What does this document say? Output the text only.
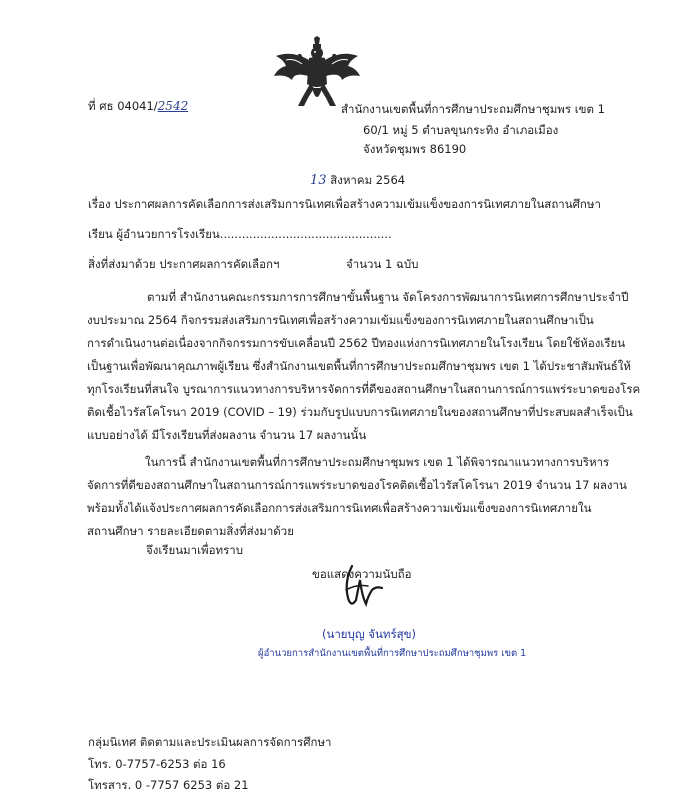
ที่ ศธ 04041/2542	สำนักงานเขตพื้นที่การศึกษาประถมศึกษาชุมพร เขต 1
60/1 หมู่ 5 ตำบลขุนกระทิง อำเภอเมือง
จังหวัดชุมพร 86190
13 สิงหาคม 2564
เรื่อง ประกาศผลการคัดเลือกการส่งเสริมการนิเทศเพื่อสร้างความเข้มแข็งของการนิเทศภายในสถานศึกษา
เรียน ผู้อำนวยการโรงเรียน...............................................
สิ่งที่ส่งมาด้วย ประกาศผลการคัดเลือกฯ	จำนวน 1 ฉบับ
ตามที่ สำนักงานคณะกรรมการการศึกษาขั้นพื้นฐาน จัดโครงการพัฒนาการนิเทศการศึกษาประจำปี
งบประมาณ 2564 กิจกรรมส่งเสริมการนิเทศเพื่อสร้างความเข้มแข็งของการนิเทศภายในสถานศึกษาเป็น
การดำเนินงานต่อเนื่องจากกิจกรรมการขับเคลื่อนปี 2562 ปีทองแห่งการนิเทศภายในโรงเรียน โดยใช้ห้องเรียน
เป็นฐานเพื่อพัฒนาคุณภาพผู้เรียน ซึ่งสำนักงานเขตพื้นที่การศึกษาประถมศึกษาชุมพร เขต 1 ได้ประชาสัมพันธ์ให้
ทุกโรงเรียนที่สนใจ บูรณาการแนวทางการบริหารจัดการที่ดีของสถานศึกษาในสถานการณ์การแพร่ระบาดของโรค
ติดเชื้อไวรัสโคโรนา 2019 (COVID – 19) ร่วมกับรูปแบบการนิเทศภายในของสถานศึกษาที่ประสบผลสำเร็จเป็น
แบบอย่างได้ มีโรงเรียนที่ส่งผลงาน จำนวน 17 ผลงานนั้น
ในการนี้ สำนักงานเขตพื้นที่การศึกษาประถมศึกษาชุมพร เขต 1 ได้พิจารณาแนวทางการบริหาร
จัดการที่ดีของสถานศึกษาในสถานการณ์การแพร่ระบาดของโรคติดเชื้อไวรัสโคโรนา 2019 จำนวน 17 ผลงาน
พร้อมทั้งได้แจ้งประกาศผลการคัดเลือกการส่งเสริมการนิเทศเพื่อสร้างความเข้มแข็งของการนิเทศภายใน
สถานศึกษา รายละเอียดตามสิ่งที่ส่งมาด้วย
จึงเรียนมาเพื่อทราบ
ขอแสดงความนับถือ
(นายบุญ จันทร์สุข)
ผู้อำนวยการสำนักงานเขตพื้นที่การศึกษาประถมศึกษาชุมพร เขต 1
กลุ่มนิเทศ ติดตามและประเมินผลการจัดการศึกษา
โทร. 0-7757-6253 ต่อ 16
โทรสาร. 0 -7757 6253 ต่อ 21
